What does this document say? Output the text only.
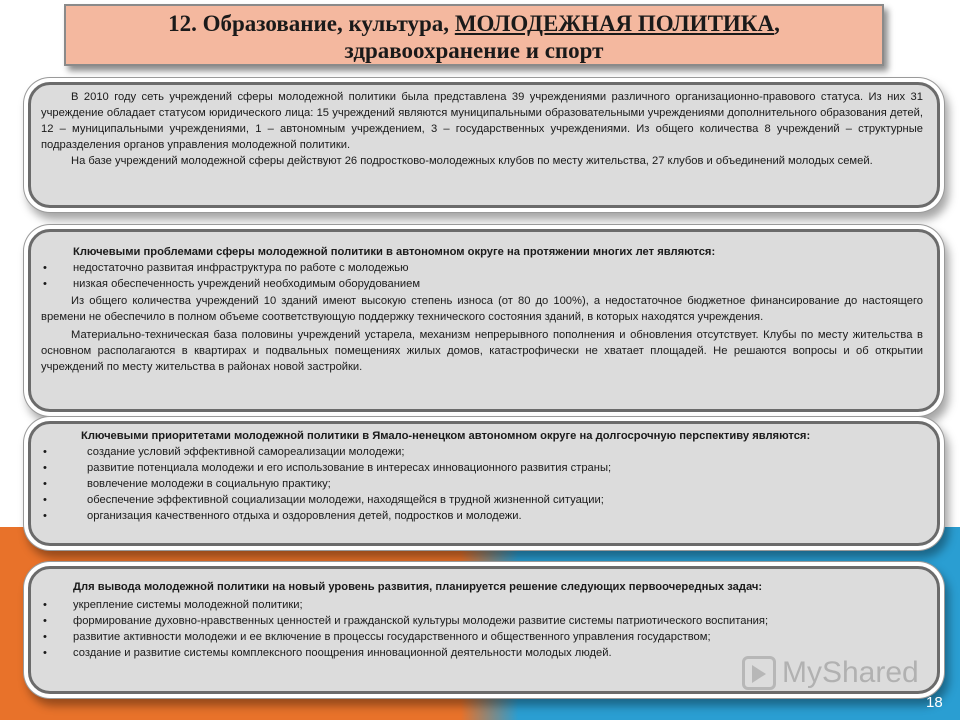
12. Образование, культура, МОЛОДЕЖНАЯ ПОЛИТИКА,
здравоохранение и спорт
В 2010 году сеть учреждений сферы молодежной политики была представлена 39 учреждениями различного организационно-правового статуса. Из них 31 учреждение обладает статусом юридического лица: 15 учреждений являются муниципальными образовательными учреждениями дополнительного образования детей, 12 – муниципальными учреждениями, 1 – автономным учреждением, 3 – государственных учреждениями. Из общего количества 8 учреждений – структурные подразделения органов управления молодежной политики.
На базе учреждений молодежной сферы действуют 26 подростково-молодежных клубов по месту жительства, 27 клубов и объединений молодых семей.
Ключевыми проблемами сферы молодежной политики в автономном округе на протяжении многих лет являются:
• недостаточно развитая инфраструктура по работе с молодежью
• низкая обеспеченность учреждений необходимым оборудованием
Из общего количества учреждений 10 зданий имеют высокую степень износа (от 80 до 100%), а недостаточное бюджетное финансирование до настоящего времени не обеспечило в полном объеме соответствующую поддержку технического состояния зданий, в которых находятся учреждения.
Материально-техническая база половины учреждений устарела, механизм непрерывного пополнения и обновления отсутствует. Клубы по месту жительства в основном располагаются в квартирах и подвальных помещениях жилых домов, катастрофически не хватает площадей. Не решаются вопросы и об открытии учреждений по месту жительства в районах новой застройки.
Ключевыми приоритетами молодежной политики в Ямало-ненецком автономном округе на долгосрочную перспективу являются:
•	создание условий эффективной самореализации молодежи;
•	развитие потенциала молодежи и его использование в интересах инновационного развития страны;
•	вовлечение молодежи в социальную практику;
•	обеспечение эффективной социализации молодежи, находящейся в трудной жизненной ситуации;
•	организация качественного отдыха и оздоровления детей, подростков и молодежи.
Для вывода молодежной политики на новый уровень развития, планируется решение следующих первоочередных задач:
• укрепление системы молодежной политики;
• формирование духовно-нравственных ценностей и гражданской культуры молодежи развитие системы патриотического воспитания;
• развитие активности молодежи и ее включение в процессы государственного и общественного управления государством;
• создание и развитие системы комплексного поощрения инновационной деятельности молодых людей.
MyShared
18
